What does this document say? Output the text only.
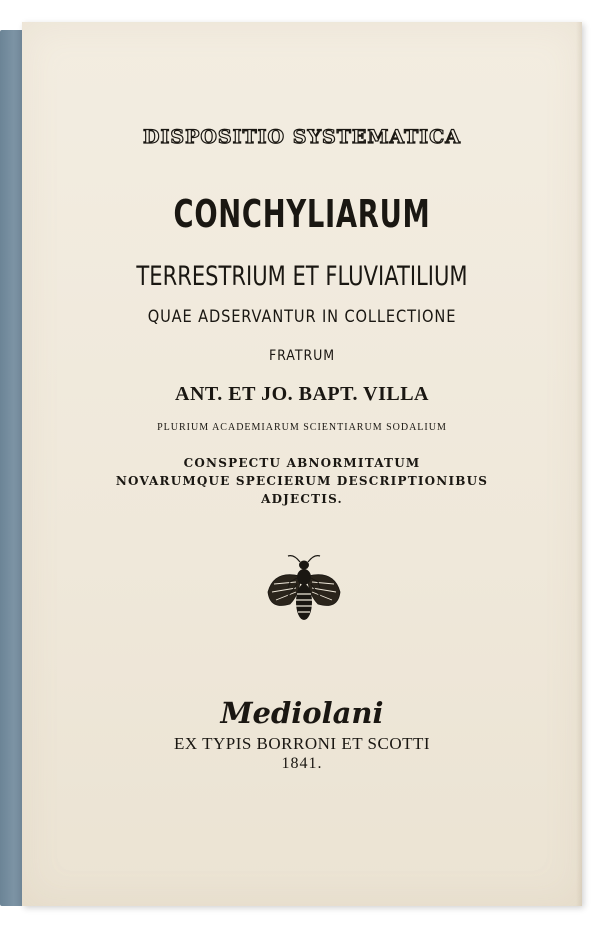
DISPOSITIO SYSTEMATICA
CONCHYLIARUM
TERRESTRIUM ET FLUVIATILIUM
QUAE ADSERVANTUR IN COLLECTIONE
FRATRUM
ANT. ET JO. BAPT. VILLA
PLURIUM ACADEMIARUM SCIENTIARUM SODALIUM
CONSPECTU ABNORMITATUM
NOVARUMQUE SPECIERUM DESCRIPTIONIBUS
ADJECTIS.
Mediolani
EX TYPIS BORRONI ET SCOTTI
1841.
